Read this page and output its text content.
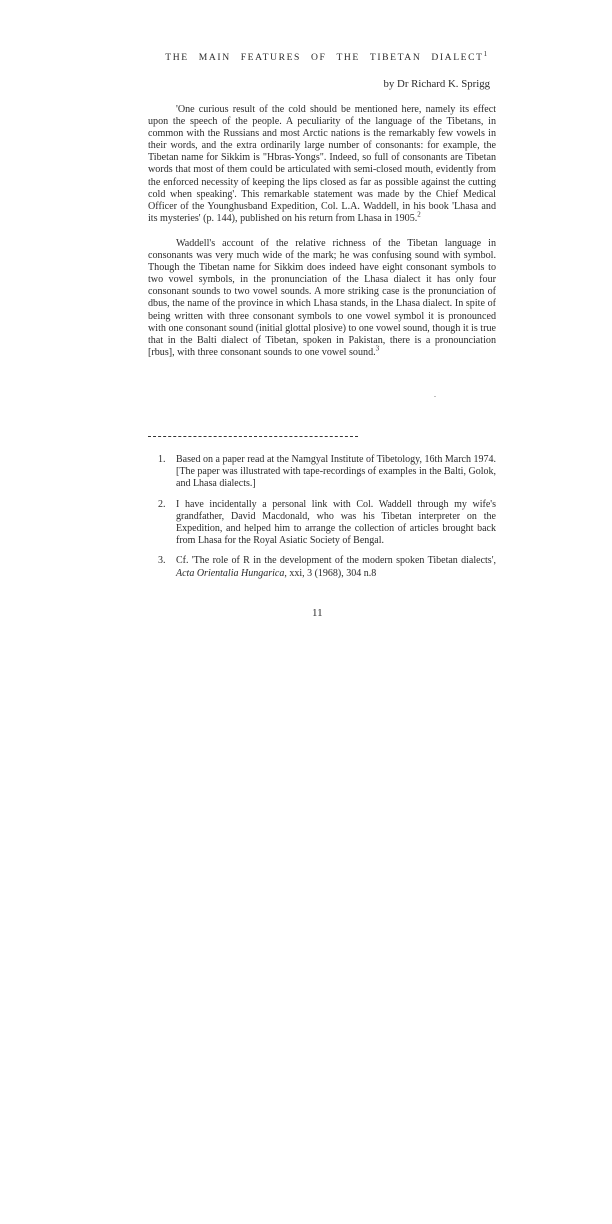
THE MAIN FEATURES OF THE TIBETAN DIALECT$^1$
by Dr Richard K. Sprigg

'One curious result of the cold should be mentioned here, namely its effect upon the speech of the people. A peculiarity of the language of the Tibetans, in common with the Russians and most Arctic nations is the remarkably few vowels in their words, and the extra ordinarily large number of consonants: for example, the Tibetan name for Sikkim is "Hbras-Yongs". Indeed, so full of consonants are Tibetan words that most of them could be articulated with semi-closed mouth, evidently from the enforced necessity of keeping the lips closed as far as possible against the cutting cold when speaking'. This remarkable statement was made by the Chief Medical Officer of the Younghusband Expedition, Col. L.A. Waddell, in his book 'Lhasa and its mysteries' (p. 144), published on his return from Lhasa in 1905.$^2$

Waddell's account of the relative richness of the Tibetan language in consonants was very much wide of the mark; he was confusing sound with symbol. Though the Tibetan name for Sikkim does indeed have eight consonant symbols to two vowel symbols, in the pronunciation of the Lhasa dialect it has only four consonant sounds to two vowel sounds. A more striking case is the pronunciation of dbus, the name of the province in which Lhasa stands, in the Lhasa dialect. In spite of being written with three consonant symbols to one vowel symbol it is pronounced with one consonant sound (initial glottal plosive) to one vowel sound, though it is true that in the Balti dialect of Tibetan, spoken in Pakistan, there is a pronounciation [rbus], with three consonant sounds to one vowel sound.$^3$

.
1.	Based on a paper read at the Namgyal Institute of Tibetology, 16th March 1974. [The paper was illustrated with tape-recordings of examples in the Balti, Golok, and Lhasa dialects.]
2.	I have incidentally a personal link with Col. Waddell through my wife's grandfather, David Macdonald, who was his Tibetan interpreter on the Expedition, and helped him to arrange the collection of articles brought back from Lhasa for the Royal Asiatic Society of Bengal.
3.	Cf. 'The role of R in the development of the modern spoken Tibetan dialects', Acta Orientalia Hungarica, xxi, 3 (1968), 304 n.8
11
